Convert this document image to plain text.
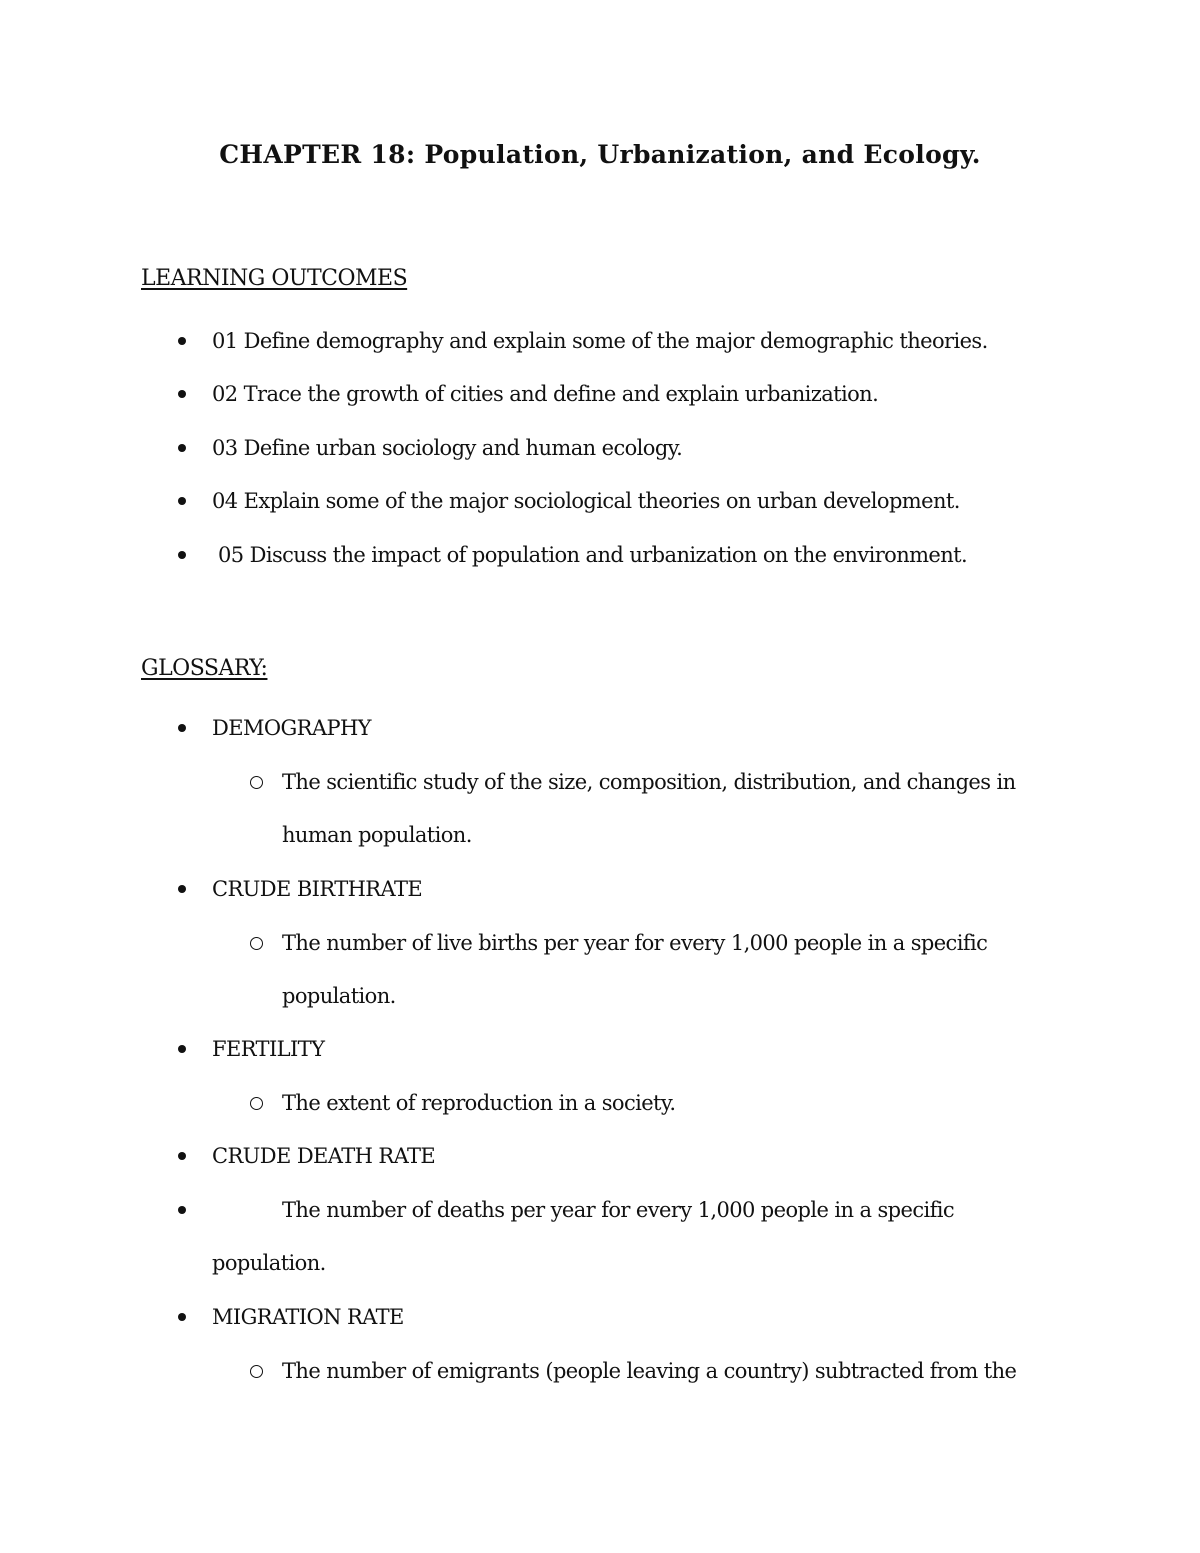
CHAPTER 18: Population, Urbanization, and Ecology.
LEARNING OUTCOMES
01 Define demography and explain some of the major demographic theories.
02 Trace the growth of cities and define and explain urbanization.
03 Define urban sociology and human ecology.
04 Explain some of the major sociological theories on urban development.
05 Discuss the impact of population and urbanization on the environment.
GLOSSARY:
DEMOGRAPHY
The scientific study of the size, composition, distribution, and changes in
human population.
CRUDE BIRTHRATE
The number of live births per year for every 1,000 people in a specific
population.
FERTILITY
The extent of reproduction in a society.
CRUDE DEATH RATE
The number of deaths per year for every 1,000 people in a specific
population.
MIGRATION RATE
The number of emigrants (people leaving a country) subtracted from the
